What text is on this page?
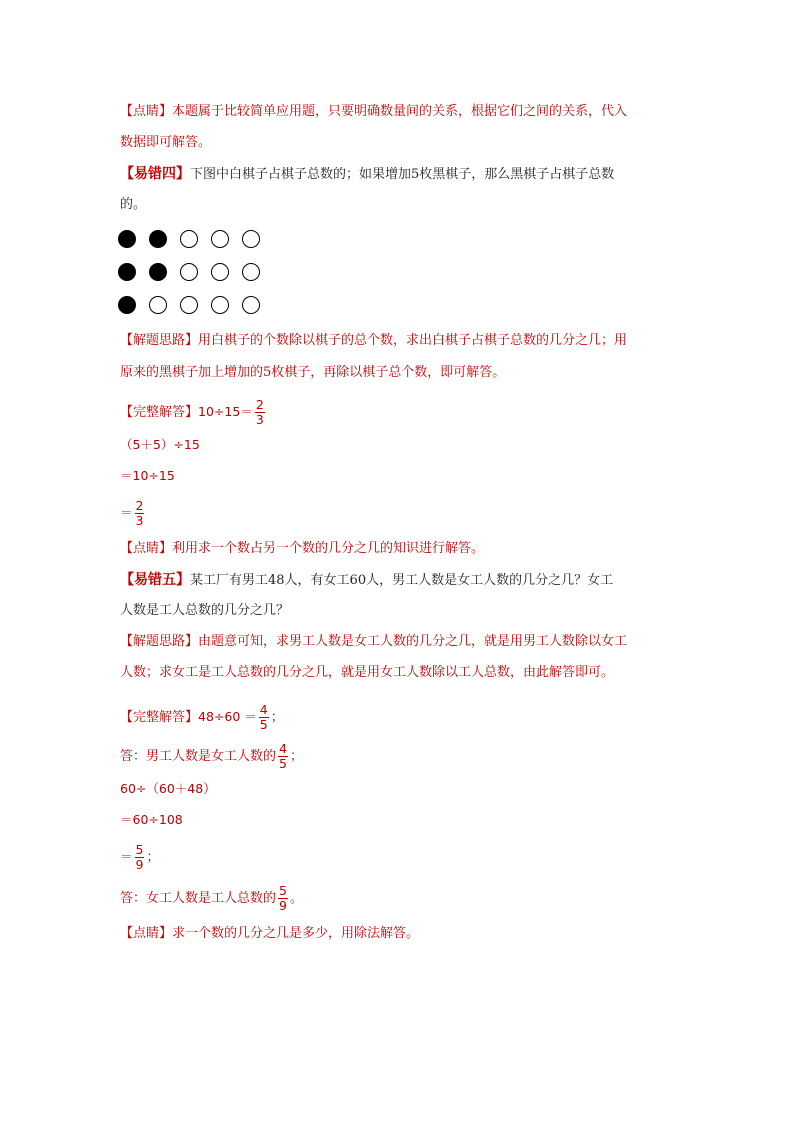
【点睛】本题属于比较简单应用题，只要明确数量间的关系，根据它们之间的关系，代入
数据即可解答。
【易错四】下图中白棋子占棋子总数的；如果增加5枚黑棋子，那么黑棋子占棋子总数
的。
【解题思路】用白棋子的个数除以棋子的总个数，求出白棋子占棋子总数的几分之几；用
原来的黑棋子加上增加的5枚棋子，再除以棋子总个数，即可解答。
【完整解答】$10\div 15= \frac{2}{3}$
（5＋5）÷15
＝10÷15
＝ $\frac{2}{3}$
【点睛】利用求一个数占另一个数的几分之几的知识进行解答。
【易错五】某工厂有男工48人，有女工60人，男工人数是女工人数的几分之几？女工
人数是工人总数的几分之几？
【解题思路】由题意可知，求男工人数是女工人数的几分之几，就是用男工人数除以女工
人数；求女工是工人总数的几分之几，就是用女工人数除以工人总数，由此解答即可。
【完整解答】$48\div 60 = \frac{4}{5}$ ；
答：男工人数是女工人数的 $\frac{4}{5}$ ；
60÷（60＋48）
＝60÷108
＝ $\frac{5}{9}$ ；
答：女工人数是工人总数的 $\frac{5}{9}$ 。
【点睛】求一个数的几分之几是多少，用除法解答。
